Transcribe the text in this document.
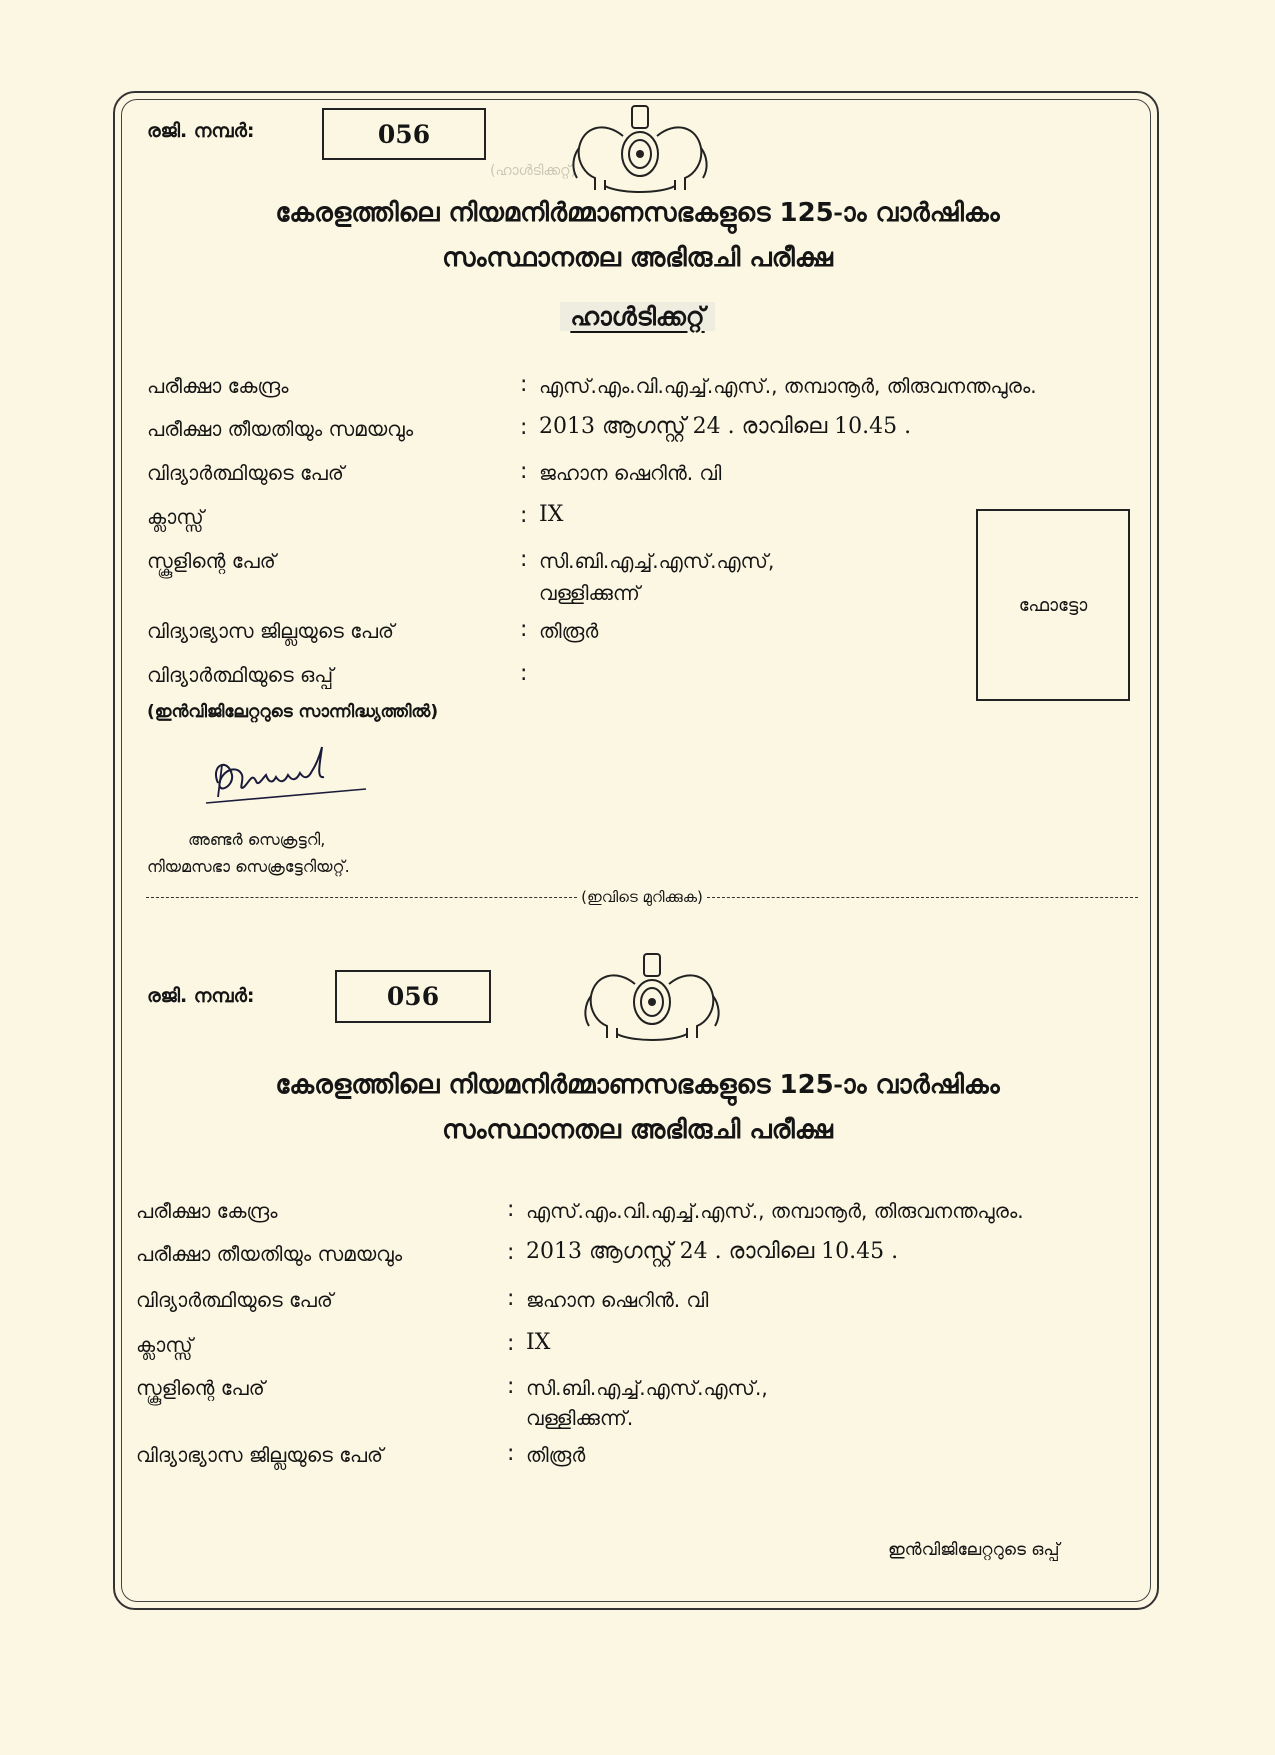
(ഹാൾടിക്കറ്റ്)
രജി. നമ്പർ:	056
കേരളത്തിലെ നിയമനിർമ്മാണസഭകളുടെ 125-ാം വാർഷികം
സംസ്ഥാനതല അഭിരുചി പരീക്ഷ
ഹാൾടിക്കറ്റ്
പരീക്ഷാ കേന്ദ്രം	: എസ്.എം.വി.എച്ച്.എസ്., തമ്പാനൂർ, തിരുവനന്തപുരം.
പരീക്ഷാ തീയതിയും സമയവും	: 2013 ആഗസ്റ്റ് 24 . രാവിലെ 10.45 .
വിദ്യാർത്ഥിയുടെ പേര്	: ജഹാന ഷെറിൻ. വി
ക്ലാസ്സ്	: IX
സ്കൂളിന്റെ പേര്	: സി.ബി.എച്ച്.എസ്.എസ്,
വള്ളിക്കുന്ന്
വിദ്യാഭ്യാസ ജില്ലയുടെ പേര്	: തിരൂർ
വിദ്യാർത്ഥിയുടെ ഒപ്പ്	:
(ഇൻവിജിലേറ്ററുടെ സാന്നിദ്ധ്യത്തിൽ)
ഫോട്ടോ
അണ്ടർ സെക്രട്ടറി,
നിയമസഭാ സെക്രട്ടേറിയറ്റ്.
(ഇവിടെ മുറിക്കുക)
രജി. നമ്പർ:	056
കേരളത്തിലെ നിയമനിർമ്മാണസഭകളുടെ 125-ാം വാർഷികം
സംസ്ഥാനതല അഭിരുചി പരീക്ഷ
പരീക്ഷാ കേന്ദ്രം	: എസ്.എം.വി.എച്ച്.എസ്., തമ്പാനൂർ, തിരുവനന്തപുരം.
പരീക്ഷാ തീയതിയും സമയവും	: 2013 ആഗസ്റ്റ് 24 . രാവിലെ 10.45 .
വിദ്യാർത്ഥിയുടെ പേര്	: ജഹാന ഷെറിൻ. വി
ക്ലാസ്സ്	: IX
സ്കൂളിന്റെ പേര്	: സി.ബി.എച്ച്.എസ്.എസ്.,
വള്ളിക്കുന്ന്.
വിദ്യാഭ്യാസ ജില്ലയുടെ പേര്	: തിരൂർ
ഇൻവിജിലേറ്ററുടെ ഒപ്പ്
